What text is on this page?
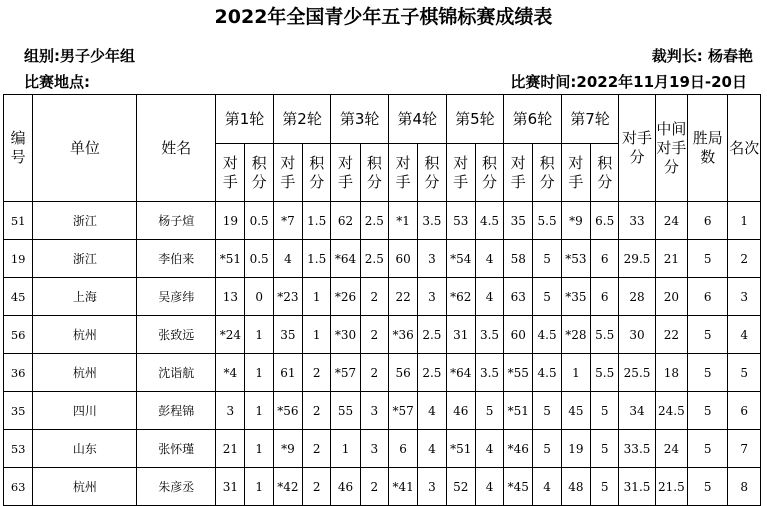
2022年全国青少年五子棋锦标赛成绩表
组别:男子少年组	裁判长: 杨春艳
比赛地点:	比赛时间:2022年11月19日-20日
编号	单位	姓名	第1轮		第2轮		第3轮		第4轮		第5轮		第6轮		第7轮		对手分	中间对手分	胜局数	名次
			对手	积分	对手	积分	对手	积分	对手	积分	对手	积分	对手	积分	对手	积分				
51	浙江	杨子煊	19	0.5	*7	1.5	62	2.5	*1	3.5	53	4.5	35	5.5	*9	6.5	33	24	6	1
19	浙江	李伯来	*51	0.5	4	1.5	*64	2.5	60	3	*54	4	58	5	*53	6	29.5	21	5	2
45	上海	吴彦纬	13	0	*23	1	*26	2	22	3	*62	4	63	5	*35	6	28	20	6	3
56	杭州	张致远	*24	1	35	1	*30	2	*36	2.5	31	3.5	60	4.5	*28	5.5	30	22	5	4
36	杭州	沈诣航	*4	1	61	2	*57	2	56	2.5	*64	3.5	*55	4.5	1	5.5	25.5	18	5	5
35	四川	彭程锦	3	1	*56	2	55	3	*57	4	46	5	*51	5	45	5	34	24.5	5	6
53	山东	张怀瑾	21	1	*9	2	1	3	6	4	*51	4	*46	5	19	5	33.5	24	5	7
63	杭州	朱彦丞	31	1	*42	2	46	2	*41	3	52	4	*45	4	48	5	31.5	21.5	5	8
